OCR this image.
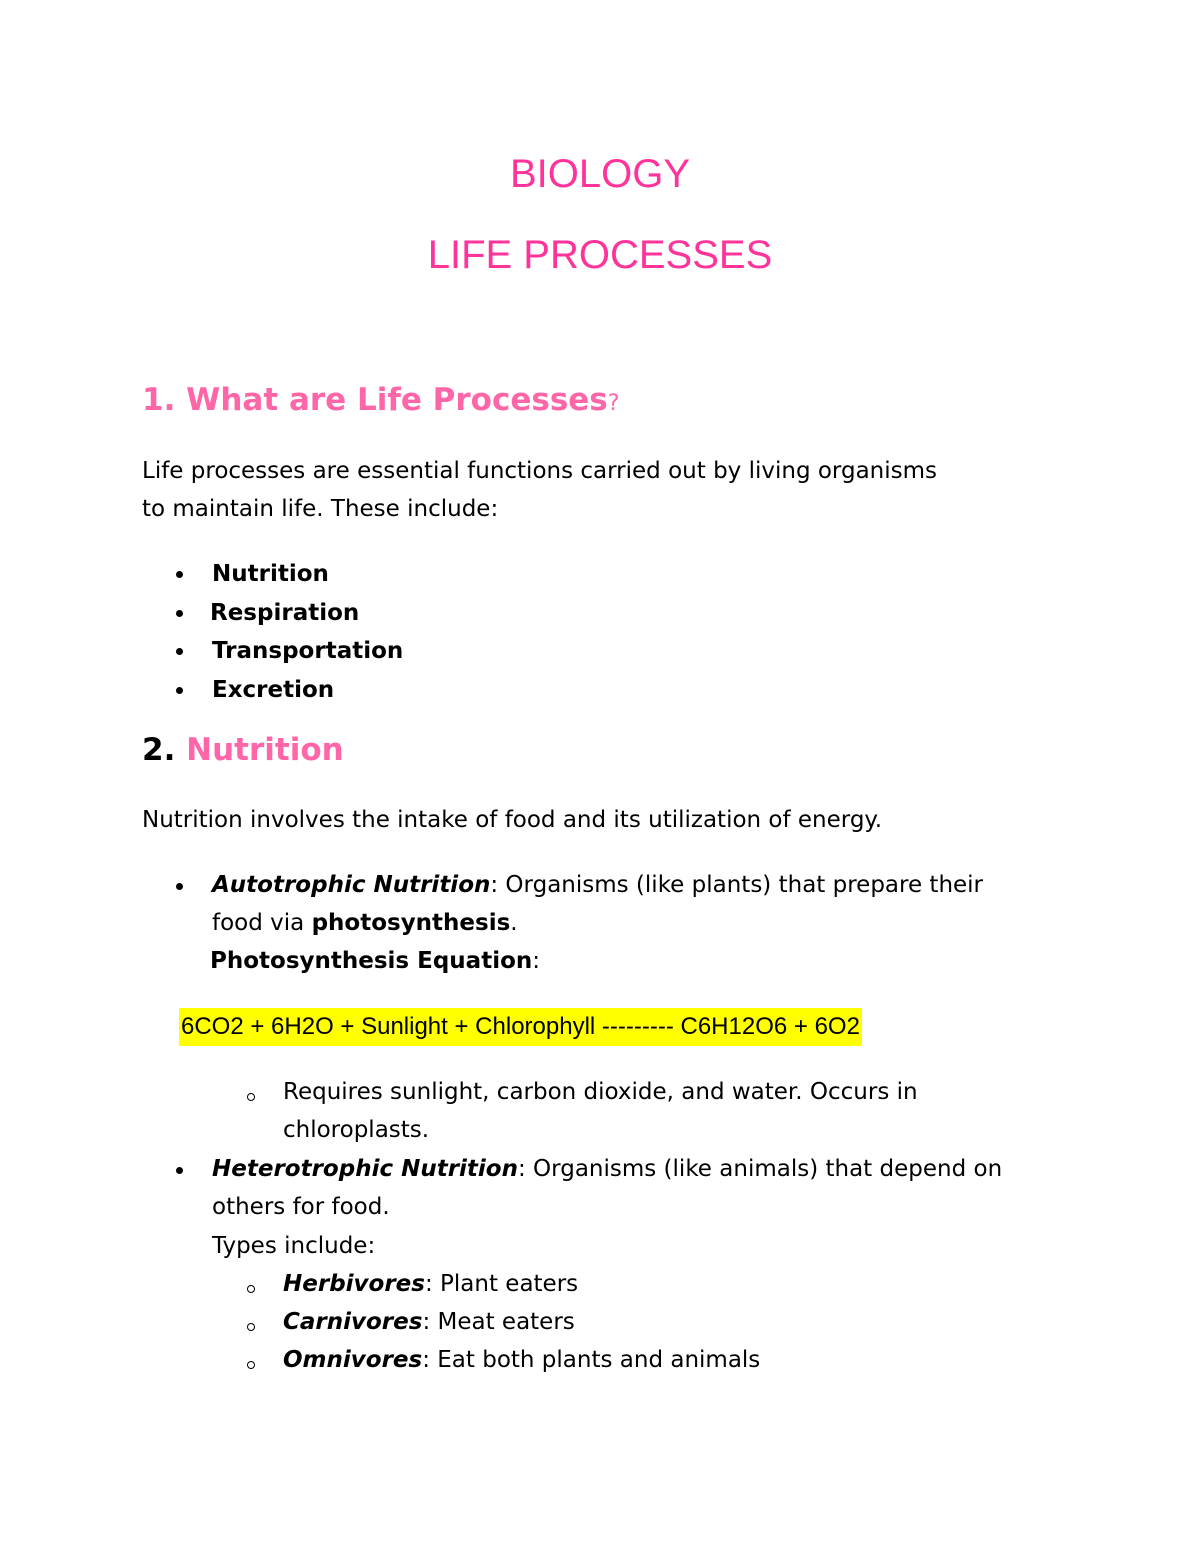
BIOLOGY
LIFE PROCESSES
1. What are Life Processes?

Life processes are essential functions carried out by living organisms

to maintain life. These include:

Nutrition
Respiration
Transportation
Excretion
2. Nutrition

Nutrition involves the intake of food and its utilization of energy.

Autotrophic Nutrition: Organisms (like plants) that prepare their

food via photosynthesis.

Photosynthesis Equation:

6CO2 + 6H2O + Sunlight + Chlorophyll --------- C6H12O6 + 6O2

Requires sunlight, carbon dioxide, and water. Occurs in

chloroplasts.

Heterotrophic Nutrition: Organisms (like animals) that depend on

others for food.

Types include:

Herbivores: Plant eaters

Carnivores: Meat eaters

Omnivores: Eat both plants and animals
